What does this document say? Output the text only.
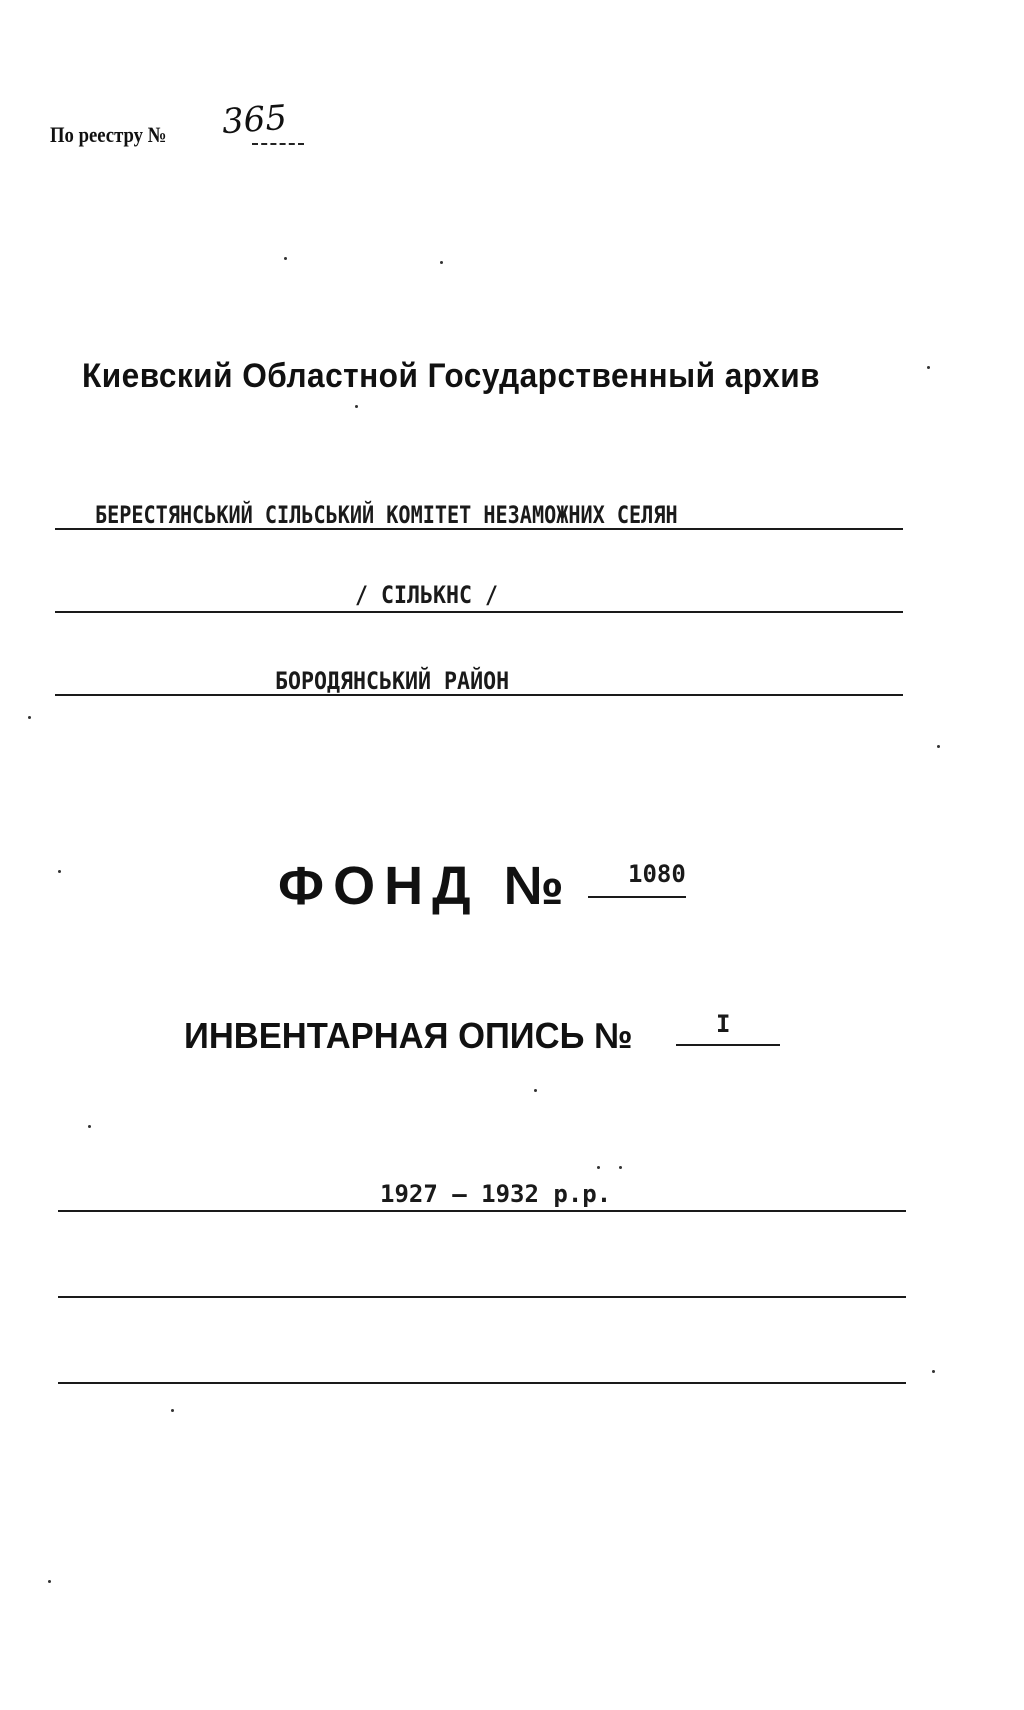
По реестру № 365
Киевский Областной Государственный архив
БЕРЕСТЯНСЬКИЙ СІЛЬСЬКИЙ КОМІТЕТ НЕЗАМОЖНИХ СЕЛЯН
/ СІЛЬКНС /
БОРОДЯНСЬКИЙ РАЙОН
ФОНД № 1080
ИНВЕНТАРНАЯ ОПИСЬ №	I
1927 – 1932 р.р.
